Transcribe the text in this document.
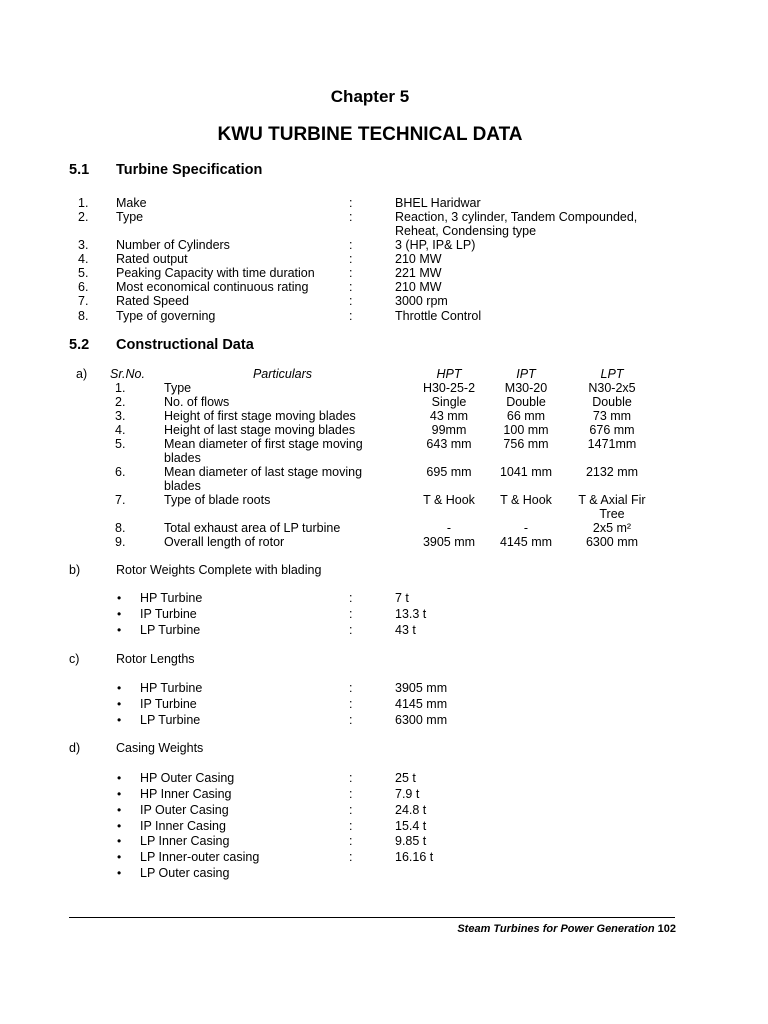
Chapter 5
KWU TURBINE TECHNICAL DATA
5.1 Turbine Specification
1. Make	:	BHEL Haridwar
2. Type	:	Reaction, 3 cylinder, Tandem Compounded,
Reheat, Condensing type
3. Number of Cylinders	:	3 (HP, IP& LP)
4. Rated output	:	210 MW
5. Peaking Capacity with time duration	:	221 MW
6. Most economical continuous rating	:	210 MW
7. Rated Speed	:	3000 rpm
8. Type of governing	:	Throttle Control
5.2 Constructional Data
a) Sr.No.	Particulars	HPT	IPT	LPT
1.	Type	H30-25-2	M30-20	N30-2x5
2.	No. of flows	Single	Double	Double
3.	Height of first stage moving blades	43 mm	66 mm	73 mm
4.	Height of last stage moving blades	99mm	100 mm	676 mm
5.	Mean diameter of first stage moving
blades
643 mm	756 mm	1471mm
6.	Mean diameter of last stage moving
blades
695 mm	1041 mm	2132 mm
7.	Type of blade roots	T & Hook	T & Hook	T & Axial Fir
Tree
8.	Total exhaust area of LP turbine	-	-	2x5 m²
9.	Overall length of rotor	3905 mm	4145 mm	6300 mm
b)	Rotor Weights Complete with blading
• HP Turbine	:	7 t
• IP Turbine	:	13.3 t
• LP Turbine	:	43 t
c)	Rotor Lengths
• HP Turbine	:	3905 mm
• IP Turbine	:	4145 mm
• LP Turbine	:	6300 mm
d)	Casing Weights
• HP Outer Casing	:	25 t
• HP Inner Casing	:	7.9 t
• IP Outer Casing	:	24.8 t
• IP Inner Casing	:	15.4 t
• LP Inner Casing	:	9.85 t
• LP Inner-outer casing	:	16.16 t
• LP Outer casing
Steam Turbines for Power Generation 102
